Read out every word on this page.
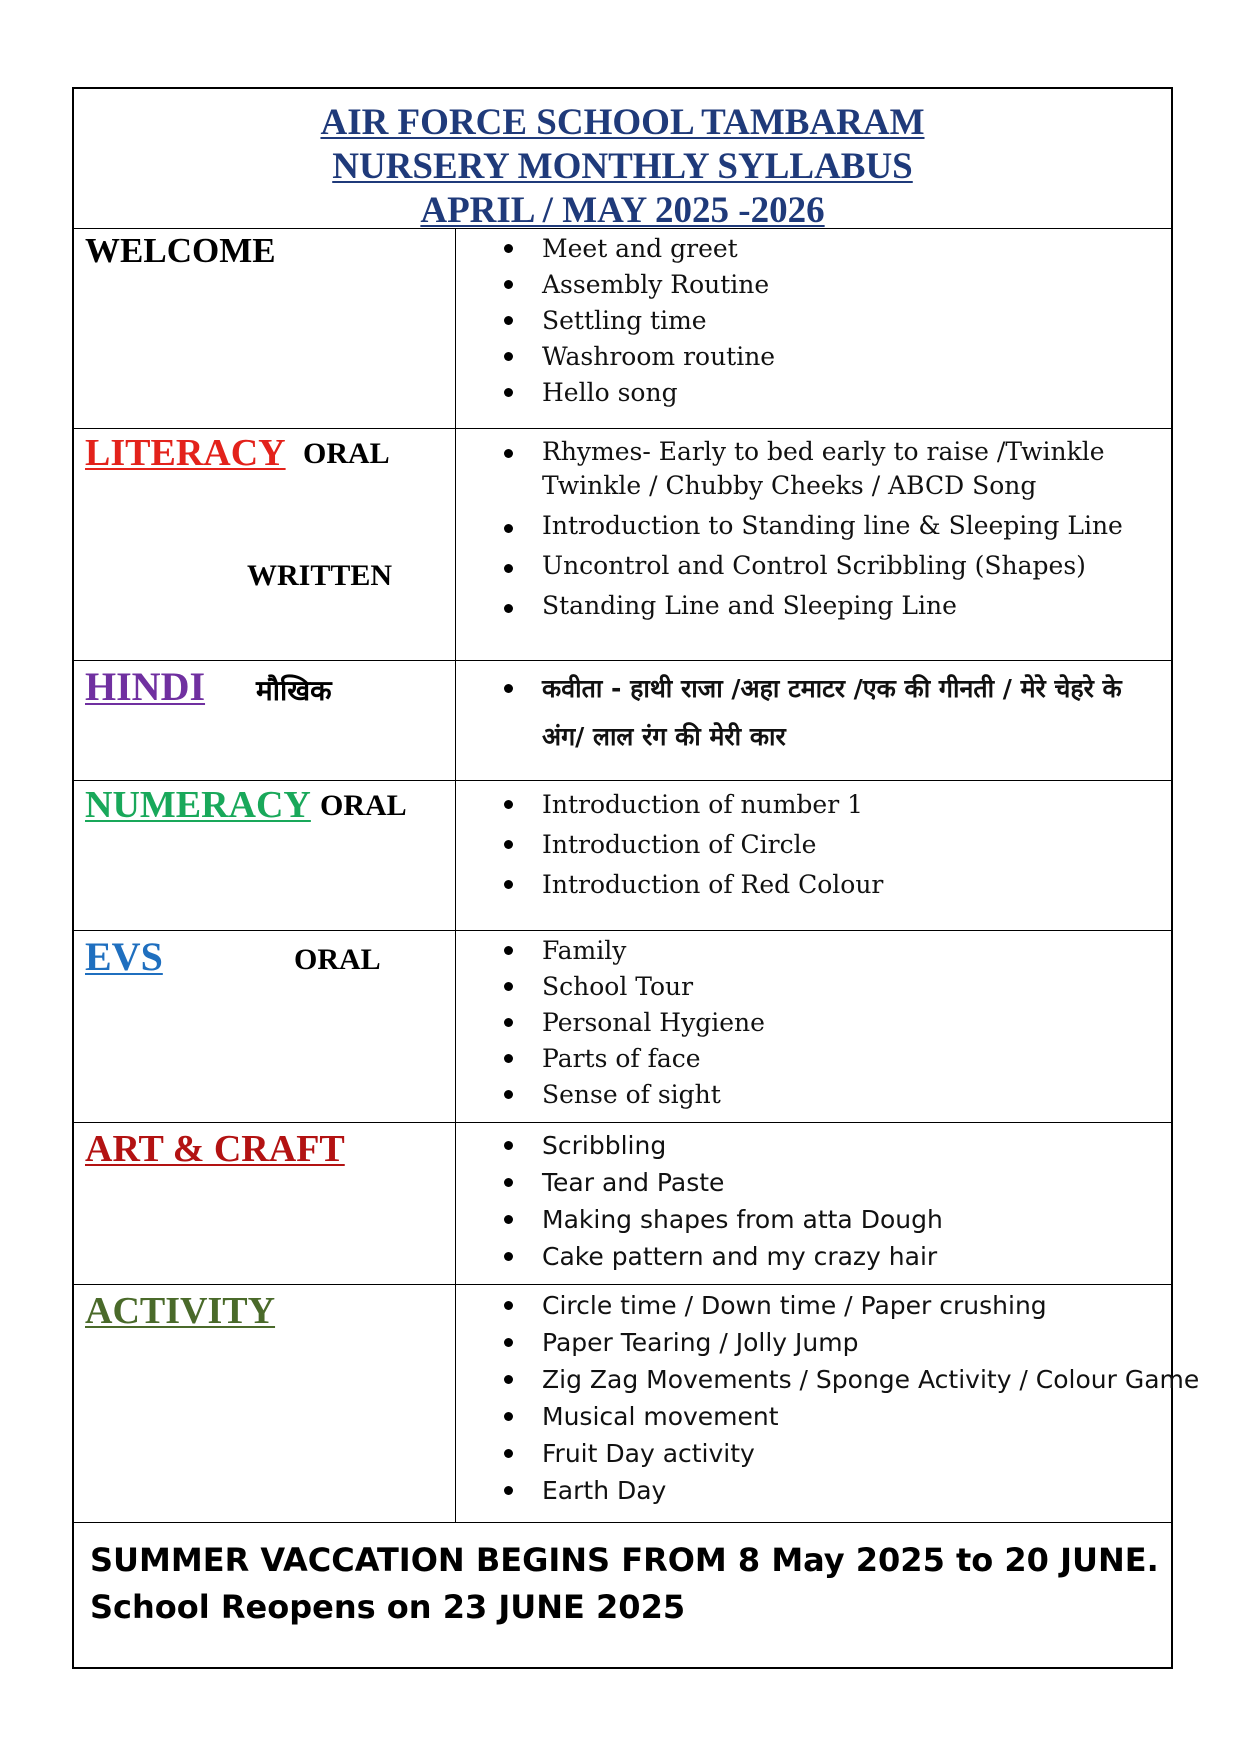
AIR FORCE SCHOOL TAMBARAM
NURSERY MONTHLY SYLLABUS
APRIL / MAY 2025 -2026
WELCOME	Meet and greet
Assembly Routine
Settling time
Washroom routine
Hello song
LITERACY ORAL
WRITTEN
Rhymes- Early to bed early to raise /Twinkle Twinkle / Chubby Cheeks / ABCD Song
Introduction to Standing line & Sleeping Line
Uncontrol and Control Scribbling (Shapes)
Standing Line and Sleeping Line
HINDI मौखिक	कवीता - हाथी राजा /अहा टमाटर /एक की गीनती / मेरे चेहरे के अंग/ लाल रंग की मेरी कार
NUMERACY ORAL	Introduction of number 1
Introduction of Circle
Introduction of Red Colour
EVS	ORAL	Family
School Tour
Personal Hygiene
Parts of face
Sense of sight
ART & CRAFT	Scribbling
Tear and Paste
Making shapes from atta Dough
Cake pattern and my crazy hair
ACTIVITY	Circle time / Down time / Paper crushing
Paper Tearing / Jolly Jump
Zig Zag Movements / Sponge Activity / Colour Game
Musical movement
Fruit Day activity
Earth Day
SUMMER VACCATION BEGINS FROM 8 May 2025 to 20 JUNE.
School Reopens on 23 JUNE 2025
